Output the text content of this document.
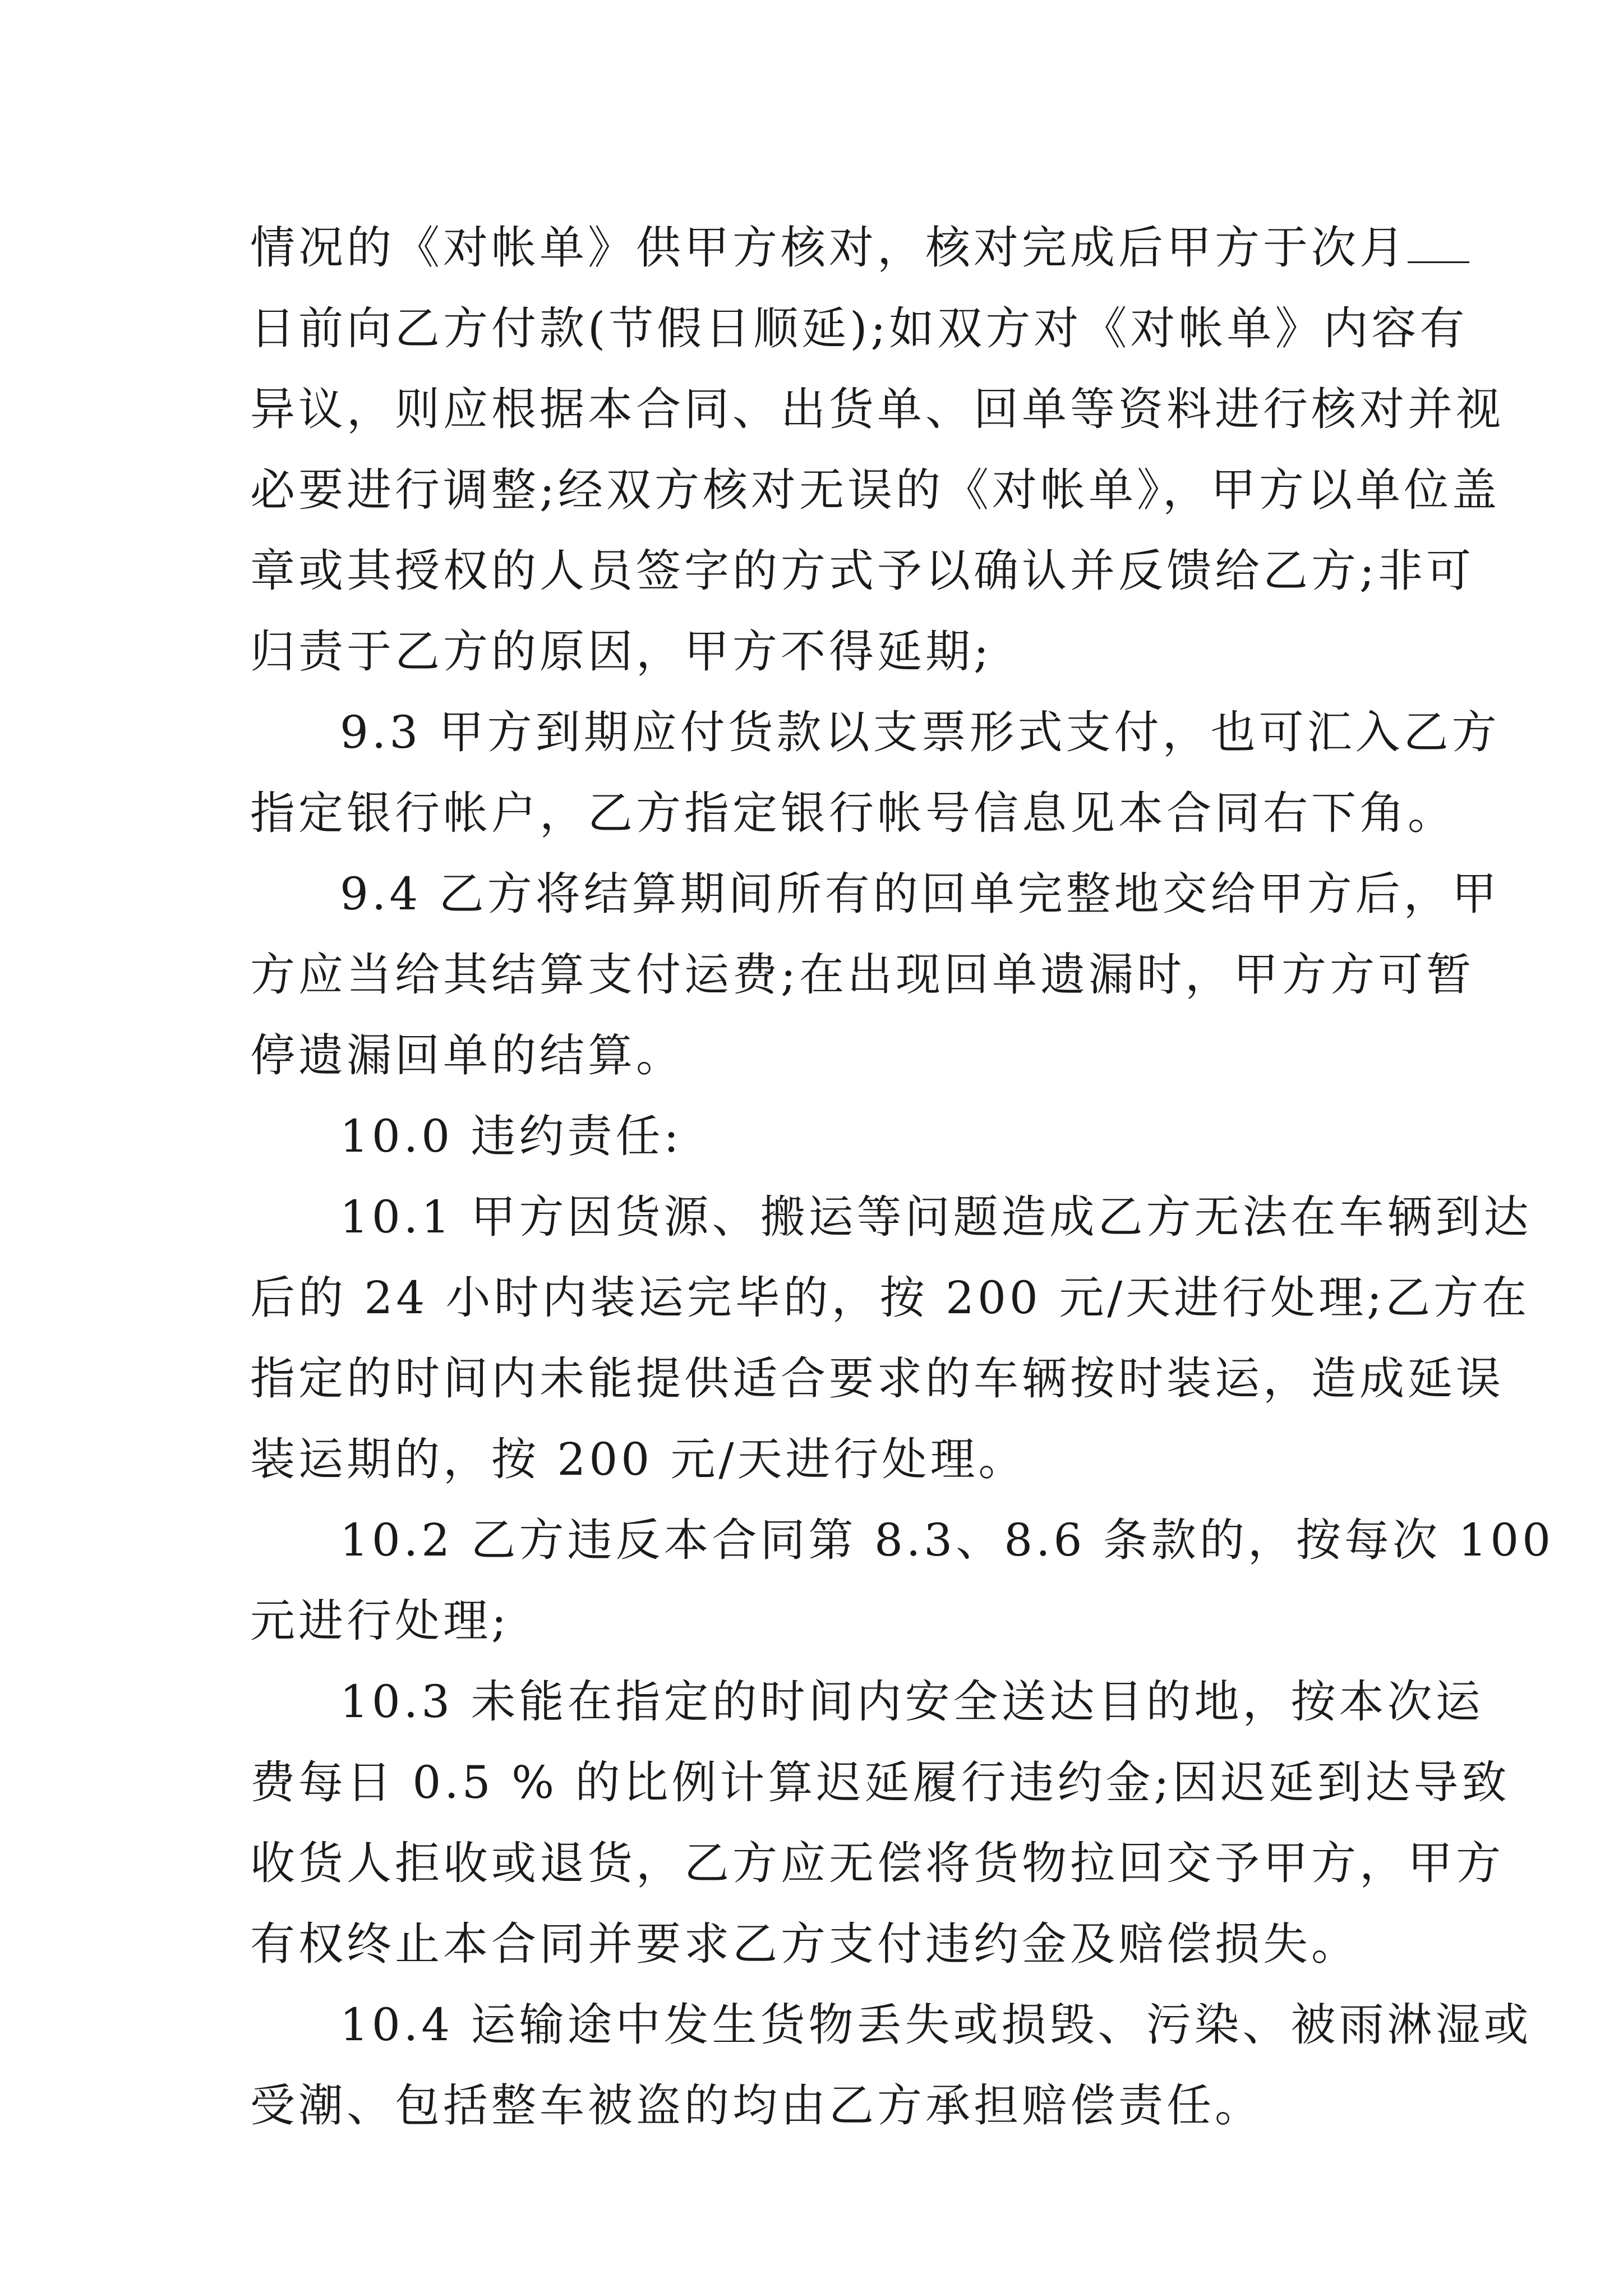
情况的《对帐单》供甲方核对，核对完成后甲方于次月
日前向乙方付款(节假日顺延);如双方对《对帐单》内容有
异议，则应根据本合同、出货单、回单等资料进行核对并视
必要进行调整;经双方核对无误的《对帐单》，甲方以单位盖
章或其授权的人员签字的方式予以确认并反馈给乙方;非可
归责于乙方的原因，甲方不得延期;
9.3 甲方到期应付货款以支票形式支付，也可汇入乙方
指定银行帐户，乙方指定银行帐号信息见本合同右下角。
9.4 乙方将结算期间所有的回单完整地交给甲方后，甲
方应当给其结算支付运费;在出现回单遗漏时，甲方方可暂
停遗漏回单的结算。
10.0 违约责任:
10.1 甲方因货源、搬运等问题造成乙方无法在车辆到达
后的 24 小时内装运完毕的，按 200 元/天进行处理;乙方在
指定的时间内未能提供适合要求的车辆按时装运，造成延误
装运期的，按 200 元/天进行处理。
10.2 乙方违反本合同第 8.3、8.6 条款的，按每次 100
元进行处理;
10.3 未能在指定的时间内安全送达目的地，按本次运
费每日 0.5 % 的比例计算迟延履行违约金;因迟延到达导致
收货人拒收或退货，乙方应无偿将货物拉回交予甲方，甲方
有权终止本合同并要求乙方支付违约金及赔偿损失。
10.4 运输途中发生货物丢失或损毁、污染、被雨淋湿或
受潮、包括整车被盗的均由乙方承担赔偿责任。
